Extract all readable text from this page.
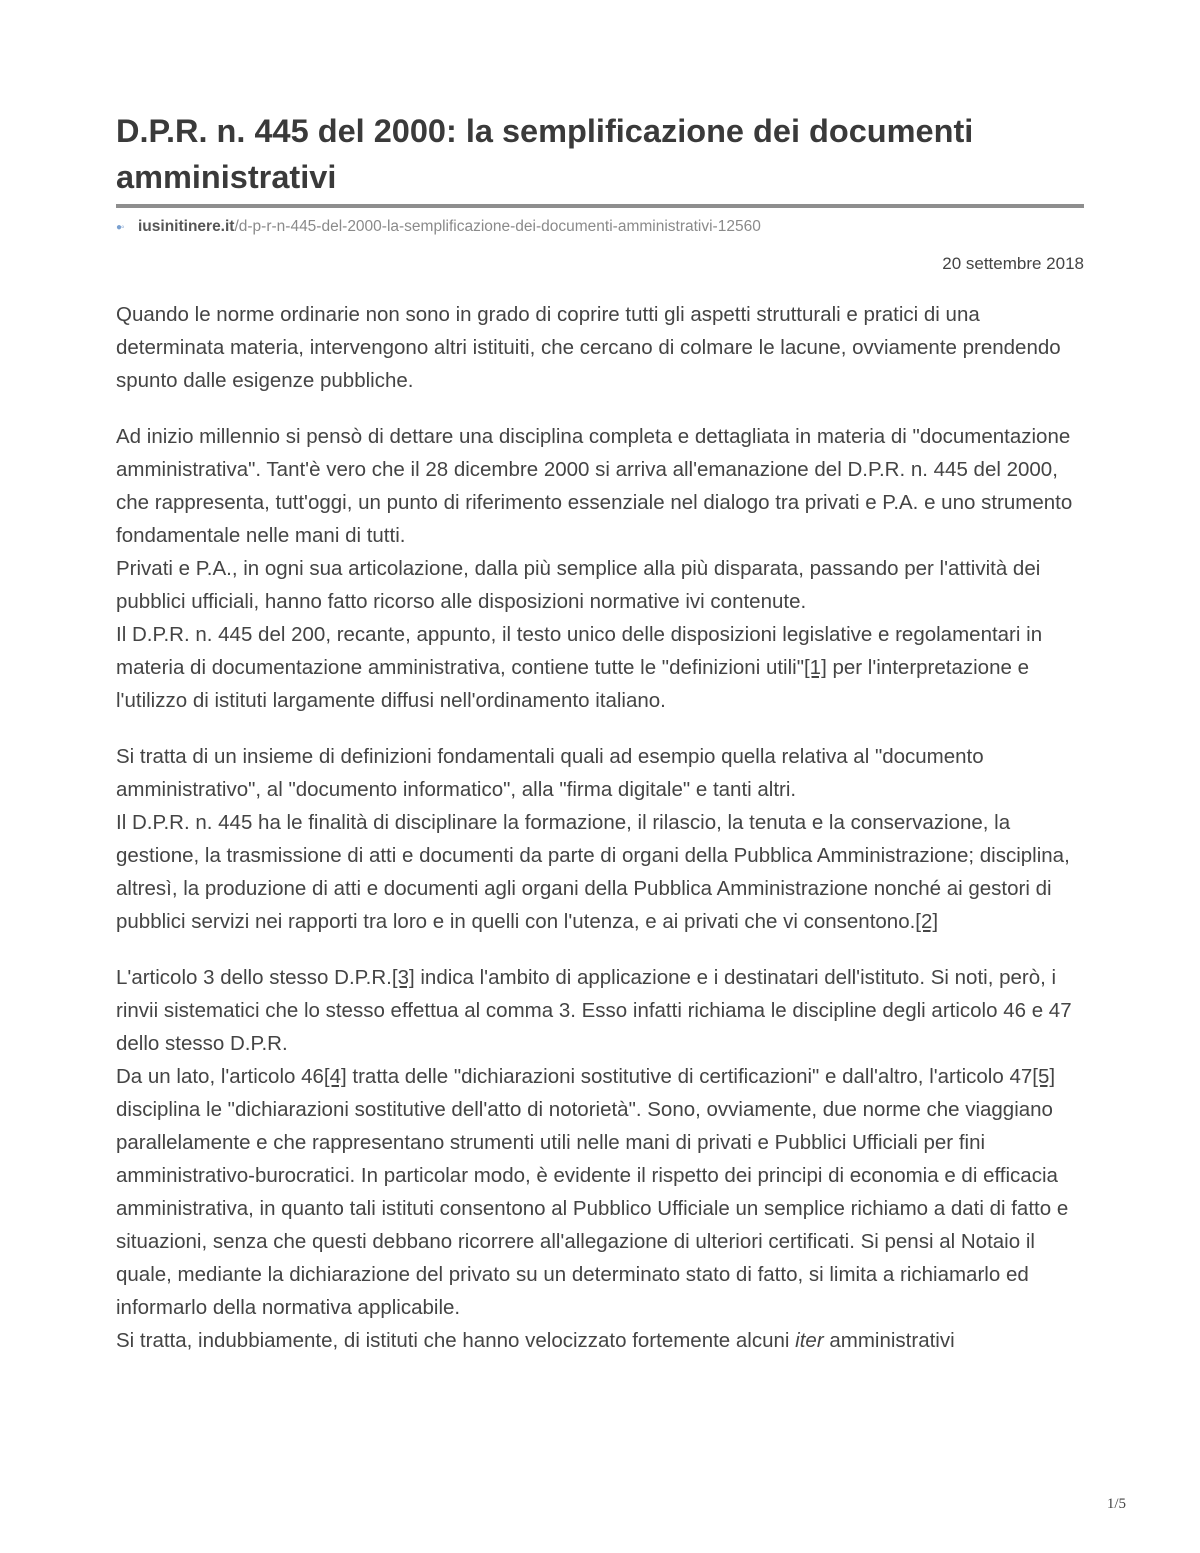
D.P.R. n. 445 del 2000: la semplificazione dei documenti amministrativi
●◦ iusinitinere.it/d-p-r-n-445-del-2000-la-semplificazione-dei-documenti-amministrativi-12560
20 settembre 2018

Quando le norme ordinarie non sono in grado di coprire tutti gli aspetti strutturali e pratici di una determinata materia, intervengono altri istituiti, che cercano di colmare le lacune, ovviamente prendendo spunto dalle esigenze pubbliche.

Ad inizio millennio si pensò di dettare una disciplina completa e dettagliata in materia di "documentazione amministrativa". Tant'è vero che il 28 dicembre 2000 si arriva all'emanazione del D.P.R. n. 445 del 2000, che rappresenta, tutt'oggi, un punto di riferimento essenziale nel dialogo tra privati e P.A. e uno strumento fondamentale nelle mani di tutti.
Privati e P.A., in ogni sua articolazione, dalla più semplice alla più disparata, passando per l'attività dei pubblici ufficiali, hanno fatto ricorso alle disposizioni normative ivi contenute.
Il D.P.R. n. 445 del 200, recante, appunto, il testo unico delle disposizioni legislative e regolamentari in materia di documentazione amministrativa, contiene tutte le "definizioni utili"[1] per l'interpretazione e l'utilizzo di istituti largamente diffusi nell'ordinamento italiano.

Si tratta di un insieme di definizioni fondamentali quali ad esempio quella relativa al "documento amministrativo", al "documento informatico", alla "firma digitale" e tanti altri.
Il D.P.R. n. 445 ha le finalità di disciplinare la formazione, il rilascio, la tenuta e la conservazione, la gestione, la trasmissione di atti e documenti da parte di organi della Pubblica Amministrazione; disciplina, altresì, la produzione di atti e documenti agli organi della Pubblica Amministrazione nonché ai gestori di pubblici servizi nei rapporti tra loro e in quelli con l'utenza, e ai privati che vi consentono.[2]

L'articolo 3 dello stesso D.P.R.[3] indica l'ambito di applicazione e i destinatari dell'istituto. Si noti, però, i rinvii sistematici che lo stesso effettua al comma 3. Esso infatti richiama le discipline degli articolo 46 e 47 dello stesso D.P.R.
Da un lato, l'articolo 46[4] tratta delle "dichiarazioni sostitutive di certificazioni" e dall'altro, l'articolo 47[5] disciplina le "dichiarazioni sostitutive dell'atto di notorietà". Sono, ovviamente, due norme che viaggiano parallelamente e che rappresentano strumenti utili nelle mani di privati e Pubblici Ufficiali per fini amministrativo-burocratici. In particolar modo, è evidente il rispetto dei principi di economia e di efficacia amministrativa, in quanto tali istituti consentono al Pubblico Ufficiale un semplice richiamo a dati di fatto e situazioni, senza che questi debbano ricorrere all'allegazione di ulteriori certificati. Si pensi al Notaio il quale, mediante la dichiarazione del privato su un determinato stato di fatto, si limita a richiamarlo ed informarlo della normativa applicabile.
Si tratta, indubbiamente, di istituti che hanno velocizzato fortemente alcuni iter amministrativi

1/5
